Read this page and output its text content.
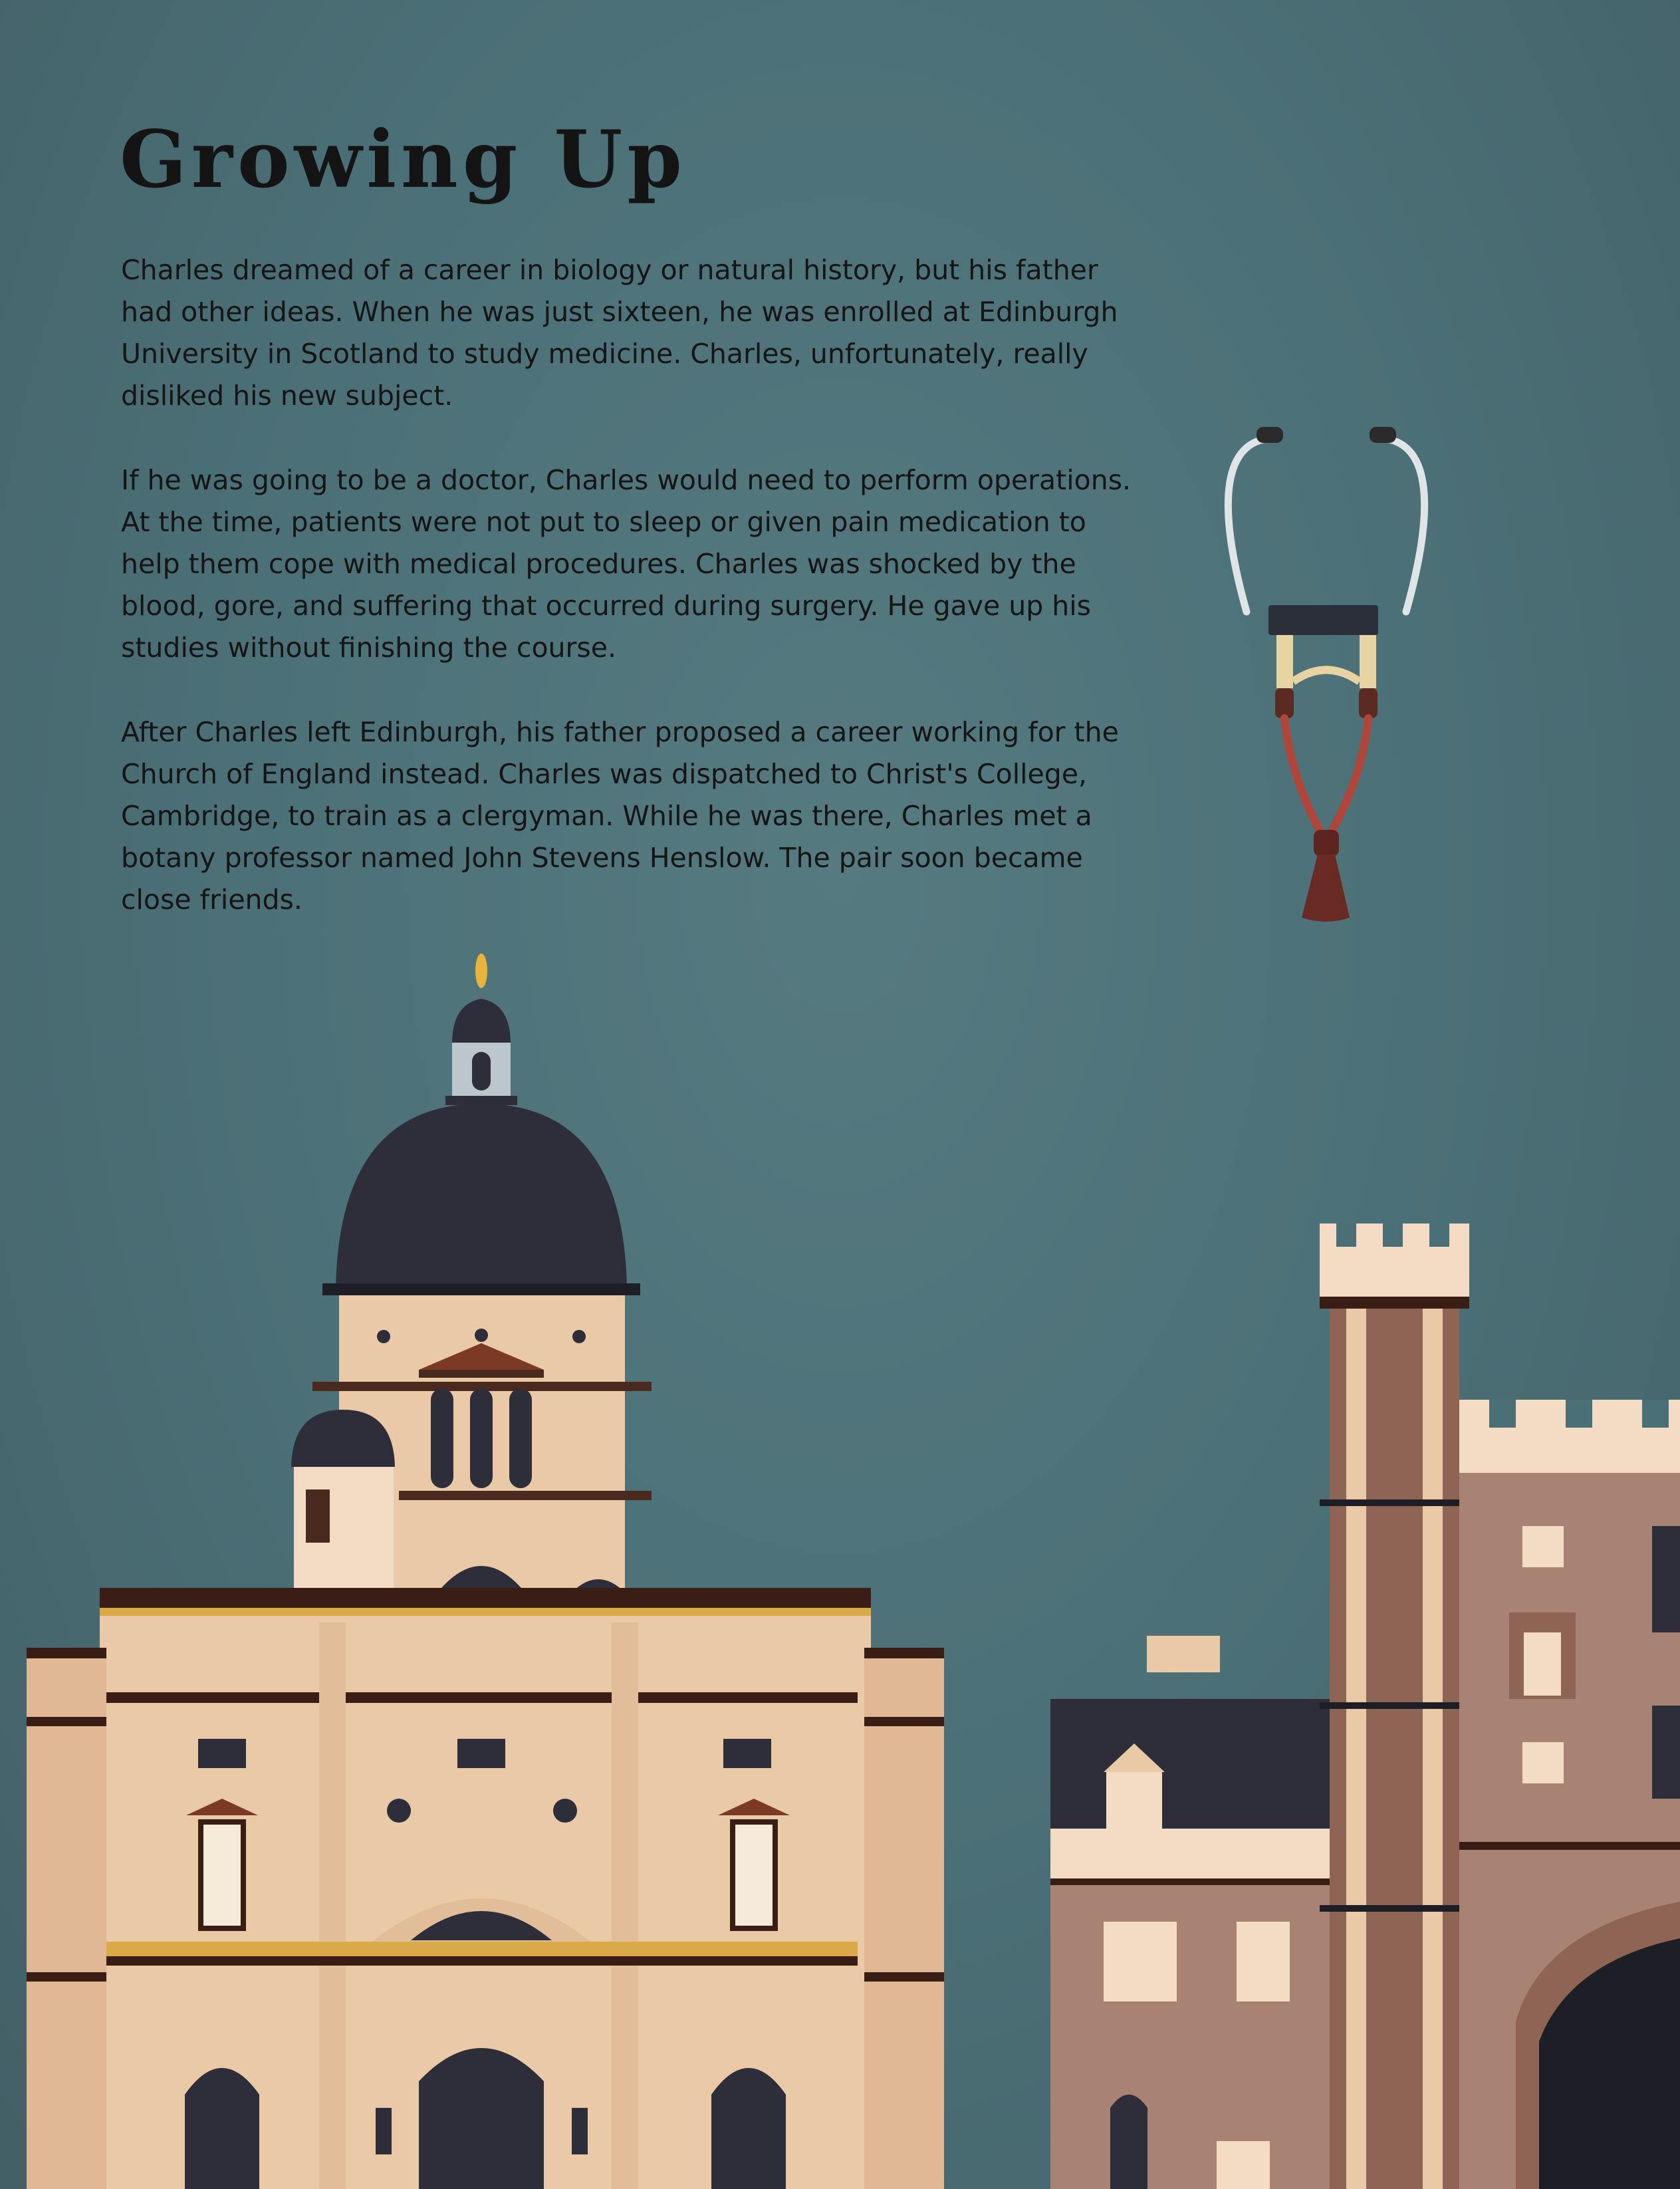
Growing Up

Charles dreamed of a career in biology or natural history, but his father had other ideas. When he was just sixteen, he was enrolled at Edinburgh University in Scotland to study medicine. Charles, unfortunately, really disliked his new subject.

If he was going to be a doctor, Charles would need to perform operations. At the time, patients were not put to sleep or given pain medication to help them cope with medical procedures. Charles was shocked by the blood, gore, and suffering that occurred during surgery. He gave up his studies without finishing the course.

After Charles left Edinburgh, his father proposed a career working for the Church of England instead. Charles was dispatched to Christ's College, Cambridge, to train as a clergyman. While he was there, Charles met a botany professor named John Stevens Henslow. The pair soon became close friends.
